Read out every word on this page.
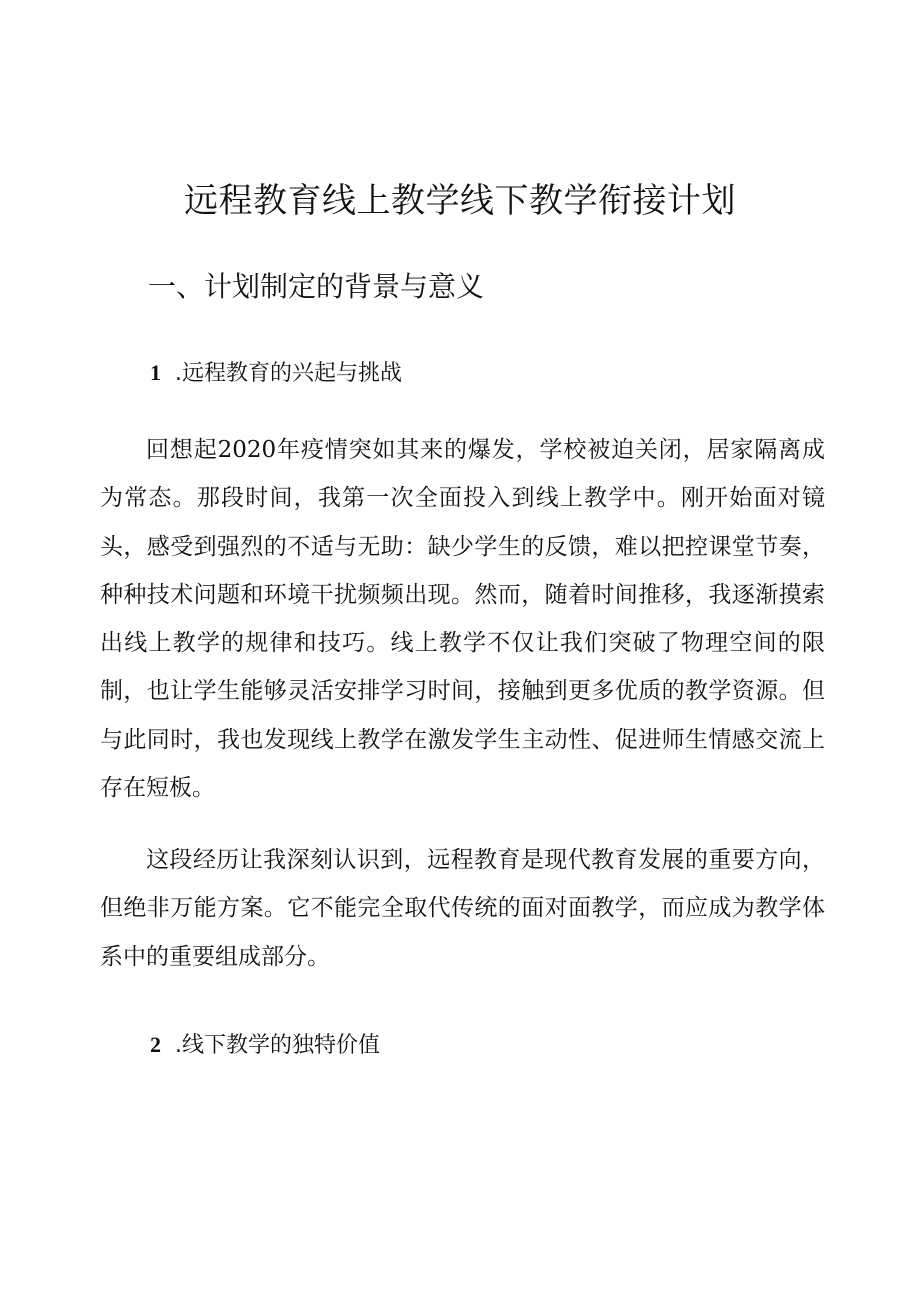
远程教育线上教学线下教学衔接计划
一、计划制定的背景与意义
1 .远程教育的兴起与挑战

回想起2020年疫情突如其来的爆发，学校被迫关闭，居家隔离成为常态。那段时间，我第一次全面投入到线上教学中。刚开始面对镜头，感受到强烈的不适与无助：缺少学生的反馈，难以把控课堂节奏，种种技术问题和环境干扰频频出现。然而，随着时间推移，我逐渐摸索出线上教学的规律和技巧。线上教学不仅让我们突破了物理空间的限制，也让学生能够灵活安排学习时间，接触到更多优质的教学资源。但与此同时，我也发现线上教学在激发学生主动性、促进师生情感交流上存在短板。

这段经历让我深刻认识到，远程教育是现代教育发展的重要方向，但绝非万能方案。它不能完全取代传统的面对面教学，而应成为教学体系中的重要组成部分。

2 .线下教学的独特价值
